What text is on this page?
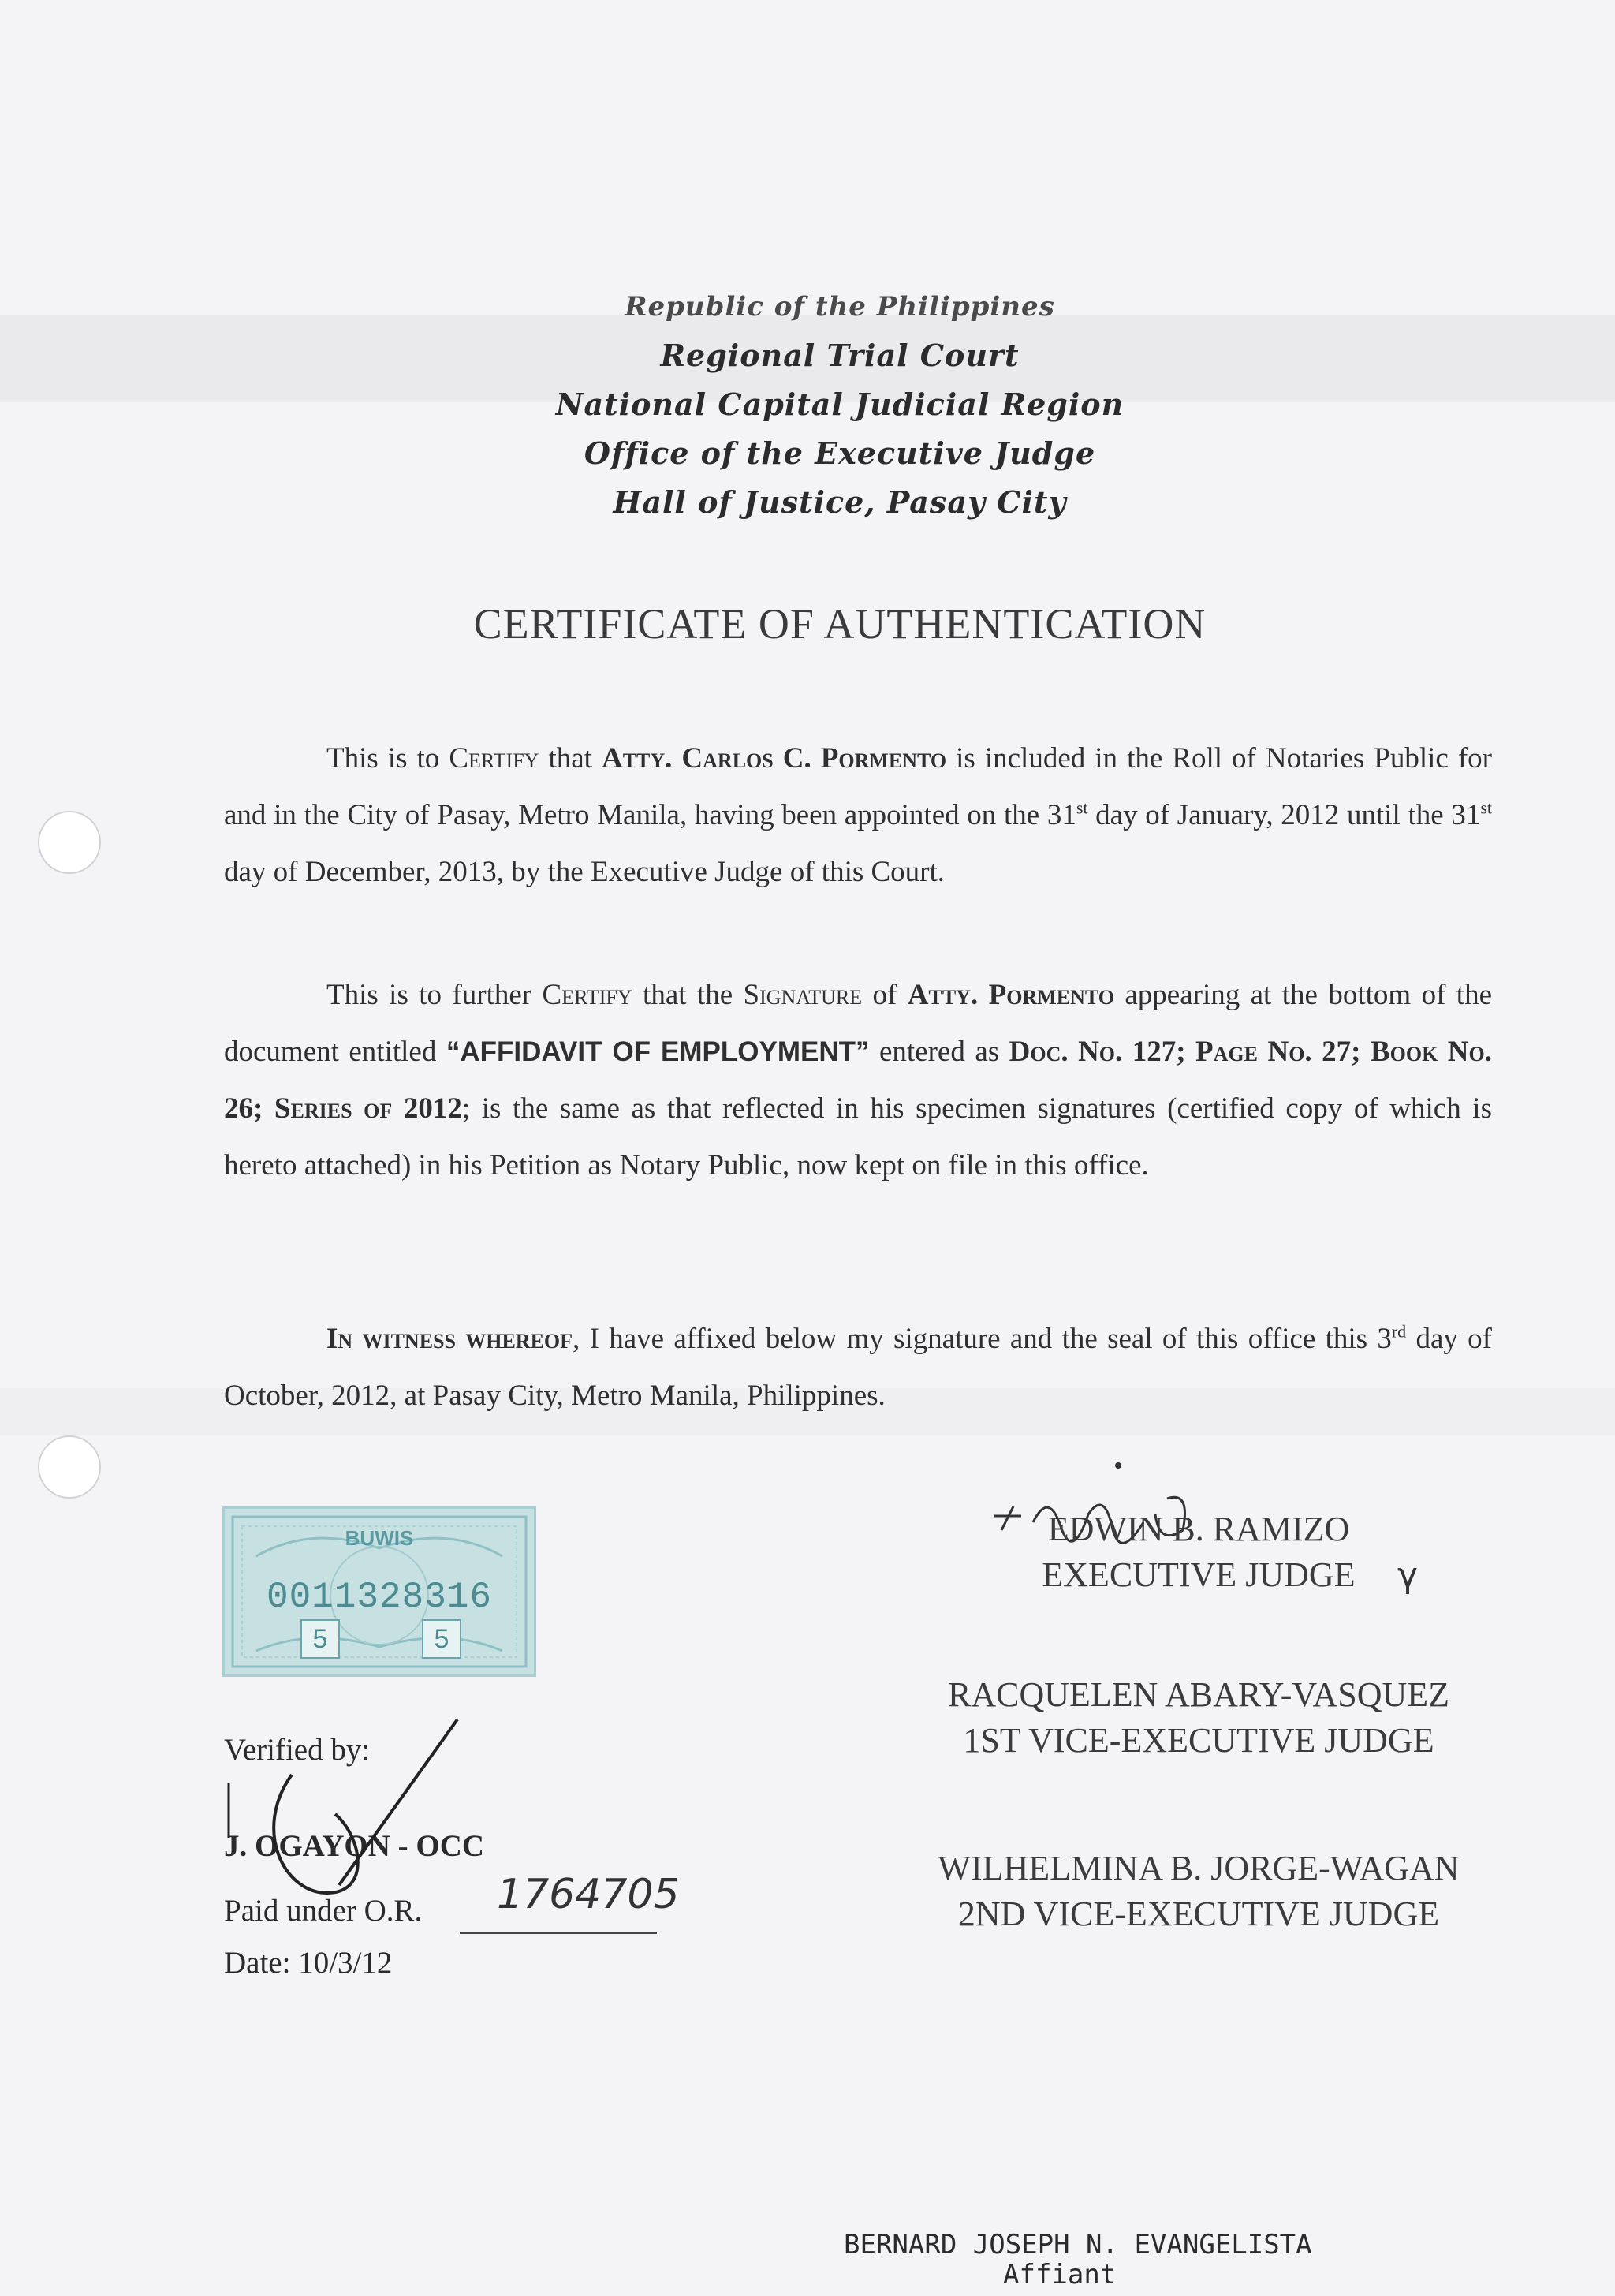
Republic of the Philippines
Regional Trial Court
National Capital Judicial Region
Office of the Executive Judge
Hall of Justice, Pasay City
CERTIFICATE OF AUTHENTICATION

This is to Certify that Atty. Carlos C. Pormento is included in the Roll of Notaries Public for and in the City of Pasay, Metro Manila, having been appointed on the 31st day of January, 2012 until the 31st day of December, 2013, by the Executive Judge of this Court.

This is to further Certify that the Signature of Atty. Pormento appearing at the bottom of the document entitled “AFFIDAVIT OF EMPLOYMENT” entered as Doc. No. 127; Page No. 27; Book No. 26; Series of 2012; is the same as that reflected in his specimen signatures (certified copy of which is hereto attached) in his Petition as Notary Public, now kept on file in this office.

In witness whereof, I have affixed below my signature and the seal of this office this 3rd day of October, 2012, at Pasay City, Metro Manila, Philippines.

BUWIS
0011328316
5	5
Verified by:
J. OGAYON - OCC
Paid under O.R. 1764705
Date: 10/3/12
EDWIN B. RAMIZO
EXECUTIVE JUDGE	γ
RACQUELEN ABARY-VASQUEZ
1ST VICE-EXECUTIVE JUDGE
WILHELMINA B. JORGE-WAGAN
2ND VICE-EXECUTIVE JUDGE
BERNARD JOSEPH N. EVANGELISTA
Affiant
